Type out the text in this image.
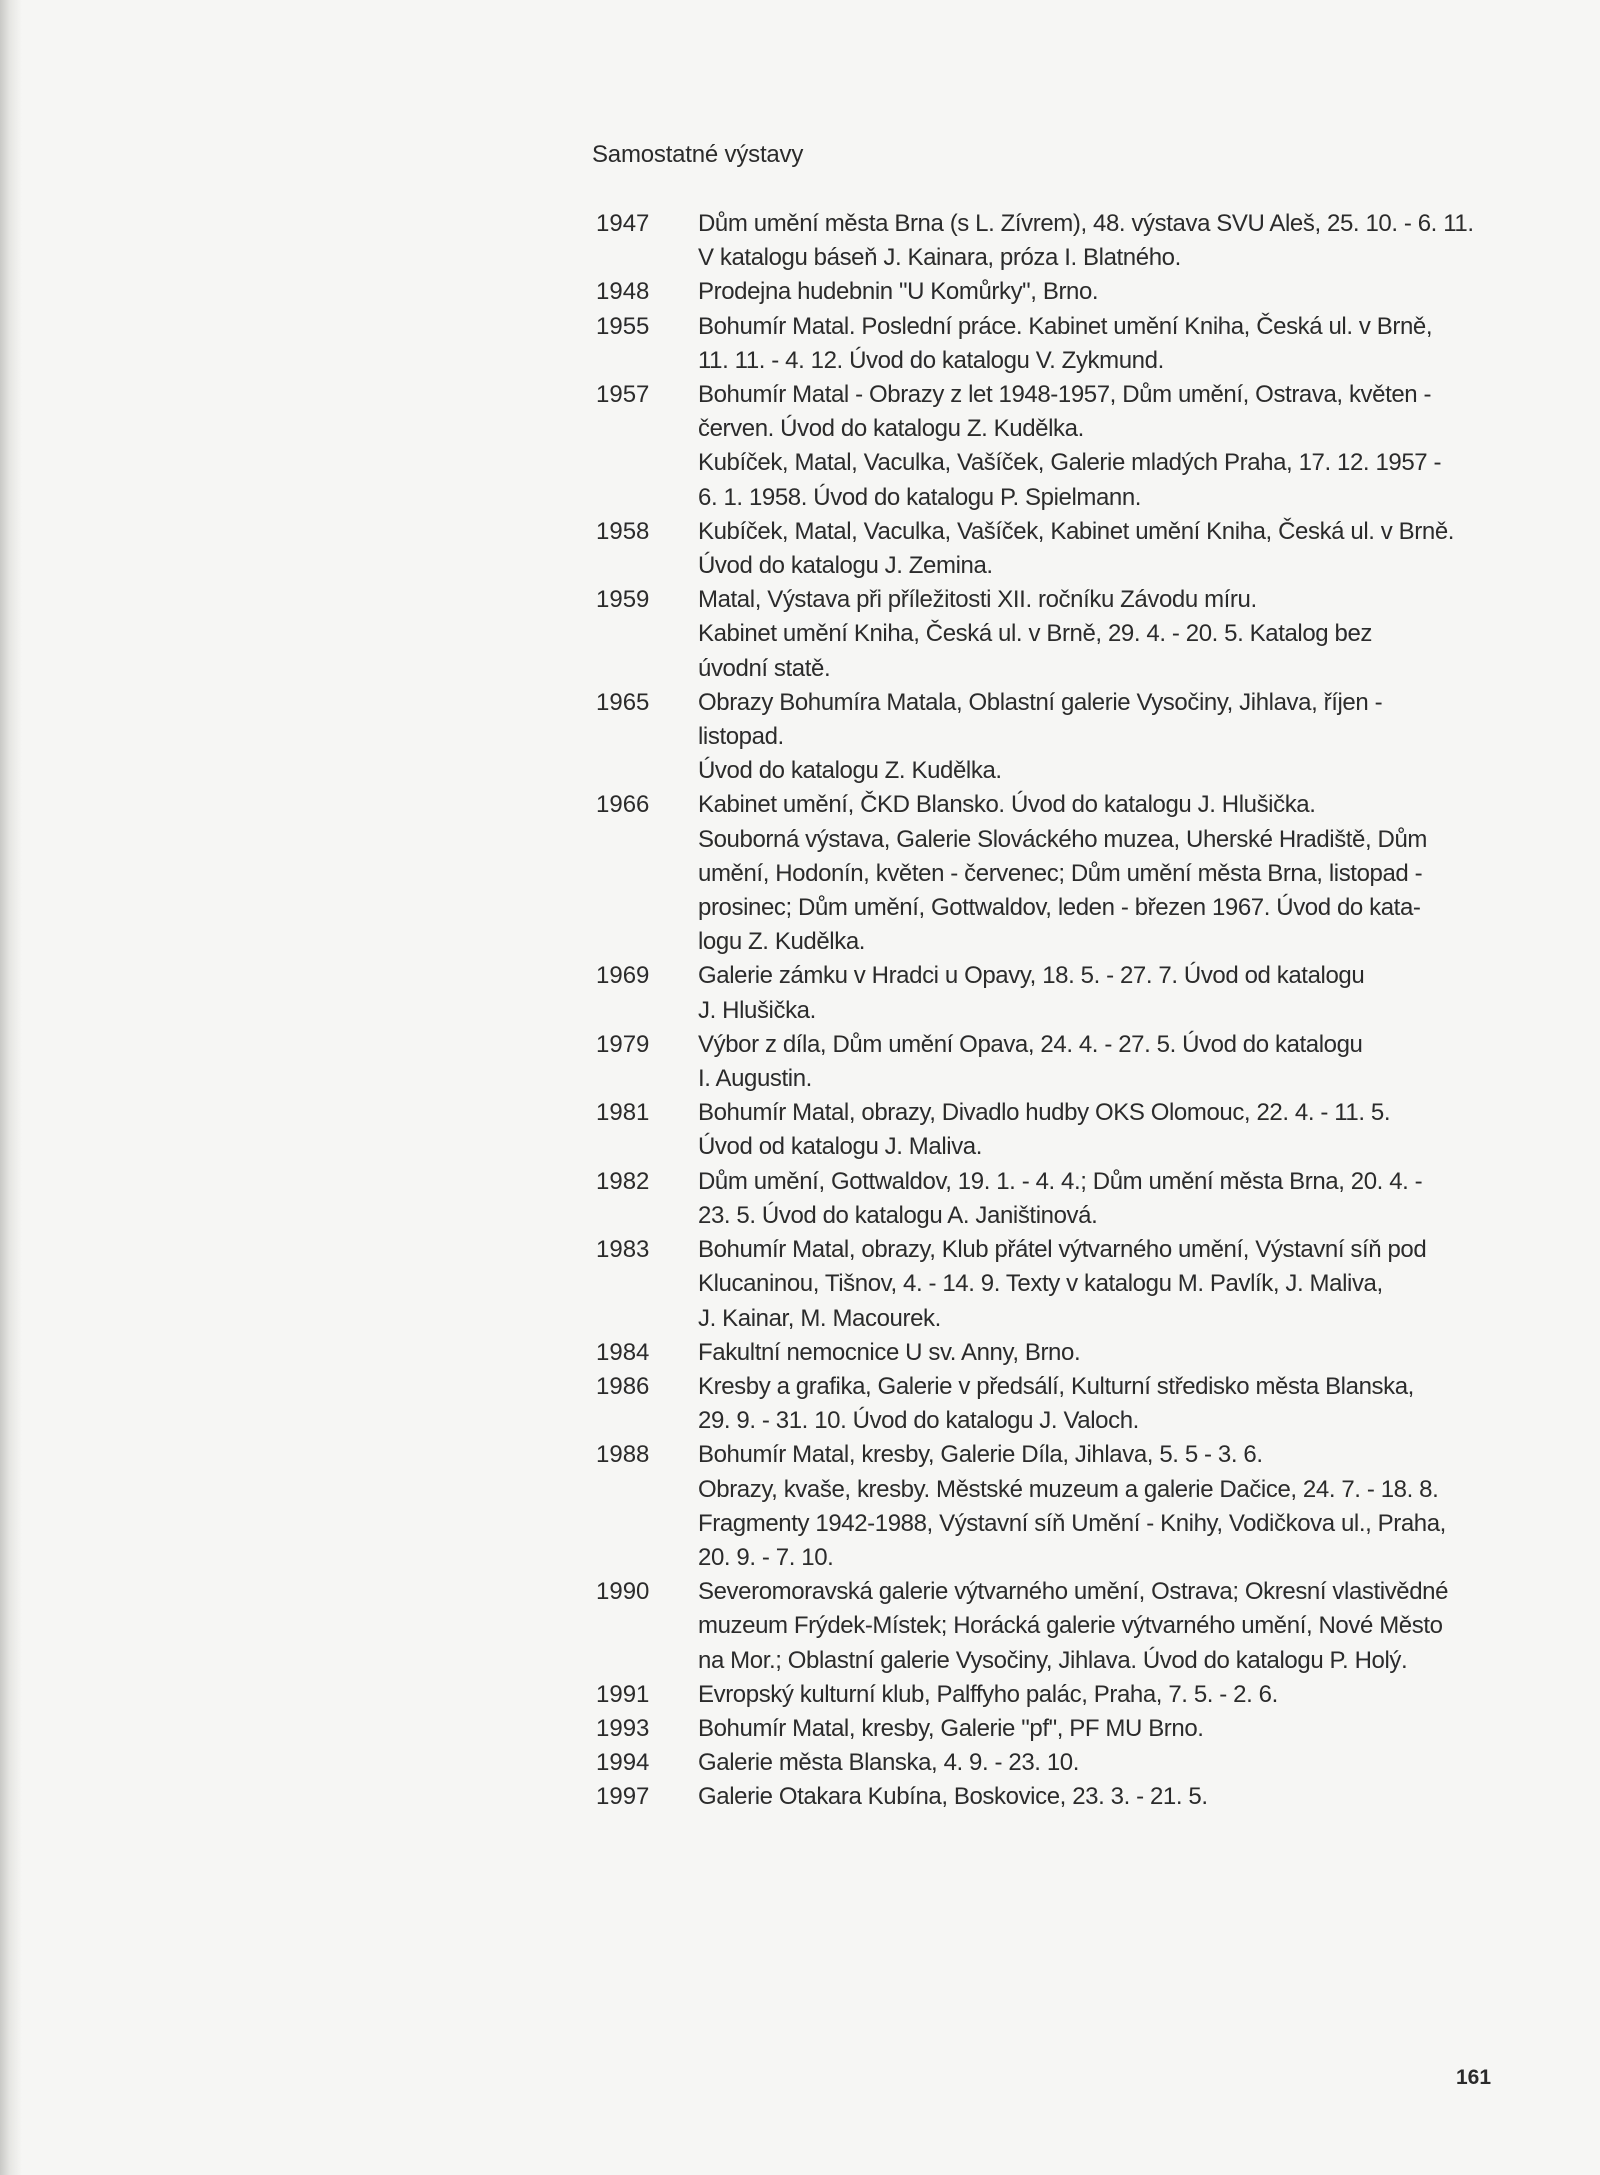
Samostatné výstavy
1947	Dům umění města Brna (s L. Zívrem), 48. výstava SVU Aleš, 25. 10. - 6. 11.
V katalogu báseň J. Kainara, próza I. Blatného.
1948	Prodejna hudebnin "U Komůrky", Brno.
1955	Bohumír Matal. Poslední práce. Kabinet umění Kniha, Česká ul. v Brně,
11. 11. - 4. 12. Úvod do katalogu V. Zykmund.
1957	Bohumír Matal - Obrazy z let 1948-1957, Dům umění, Ostrava, květen -
červen. Úvod do katalogu Z. Kudělka.
Kubíček, Matal, Vaculka, Vašíček, Galerie mladých Praha, 17. 12. 1957 -
6. 1. 1958. Úvod do katalogu P. Spielmann.
1958	Kubíček, Matal, Vaculka, Vašíček, Kabinet umění Kniha, Česká ul. v Brně.
Úvod do katalogu J. Zemina.
1959	Matal, Výstava při příležitosti XII. ročníku Závodu míru.
Kabinet umění Kniha, Česká ul. v Brně, 29. 4. - 20. 5. Katalog bez
úvodní statě.
1965	Obrazy Bohumíra Matala, Oblastní galerie Vysočiny, Jihlava, říjen -
listopad.
Úvod do katalogu Z. Kudělka.
1966	Kabinet umění, ČKD Blansko. Úvod do katalogu J. Hlušička.
Souborná výstava, Galerie Slováckého muzea, Uherské Hradiště, Dům
umění, Hodonín, květen - červenec; Dům umění města Brna, listopad -
prosinec; Dům umění, Gottwaldov, leden - březen 1967. Úvod do kata-
logu Z. Kudělka.
1969	Galerie zámku v Hradci u Opavy, 18. 5. - 27. 7. Úvod od katalogu
J. Hlušička.
1979	Výbor z díla, Dům umění Opava, 24. 4. - 27. 5. Úvod do katalogu
I. Augustin.
1981	Bohumír Matal, obrazy, Divadlo hudby OKS Olomouc, 22. 4. - 11. 5.
Úvod od katalogu J. Maliva.
1982	Dům umění, Gottwaldov, 19. 1. - 4. 4.; Dům umění města Brna, 20. 4. -
23. 5. Úvod do katalogu A. Janištinová.
1983	Bohumír Matal, obrazy, Klub přátel výtvarného umění, Výstavní síň pod
Klucaninou, Tišnov, 4. - 14. 9. Texty v katalogu M. Pavlík, J. Maliva,
J. Kainar, M. Macourek.
1984	Fakultní nemocnice U sv. Anny, Brno.
1986	Kresby a grafika, Galerie v předsálí, Kulturní středisko města Blanska,
29. 9. - 31. 10. Úvod do katalogu J. Valoch.
1988	Bohumír Matal, kresby, Galerie Díla, Jihlava, 5. 5 - 3. 6.
Obrazy, kvaše, kresby. Městské muzeum a galerie Dačice, 24. 7. - 18. 8.
Fragmenty 1942-1988, Výstavní síň Umění - Knihy, Vodičkova ul., Praha,
20. 9. - 7. 10.
1990	Severomoravská galerie výtvarného umění, Ostrava; Okresní vlastivědné
muzeum Frýdek-Místek; Horácká galerie výtvarného umění, Nové Město
na Mor.; Oblastní galerie Vysočiny, Jihlava. Úvod do katalogu P. Holý.
1991	Evropský kulturní klub, Palffyho palác, Praha, 7. 5. - 2. 6.
1993	Bohumír Matal, kresby, Galerie "pf", PF MU Brno.
1994	Galerie města Blanska, 4. 9. - 23. 10.
1997	Galerie Otakara Kubína, Boskovice, 23. 3. - 21. 5.
161
